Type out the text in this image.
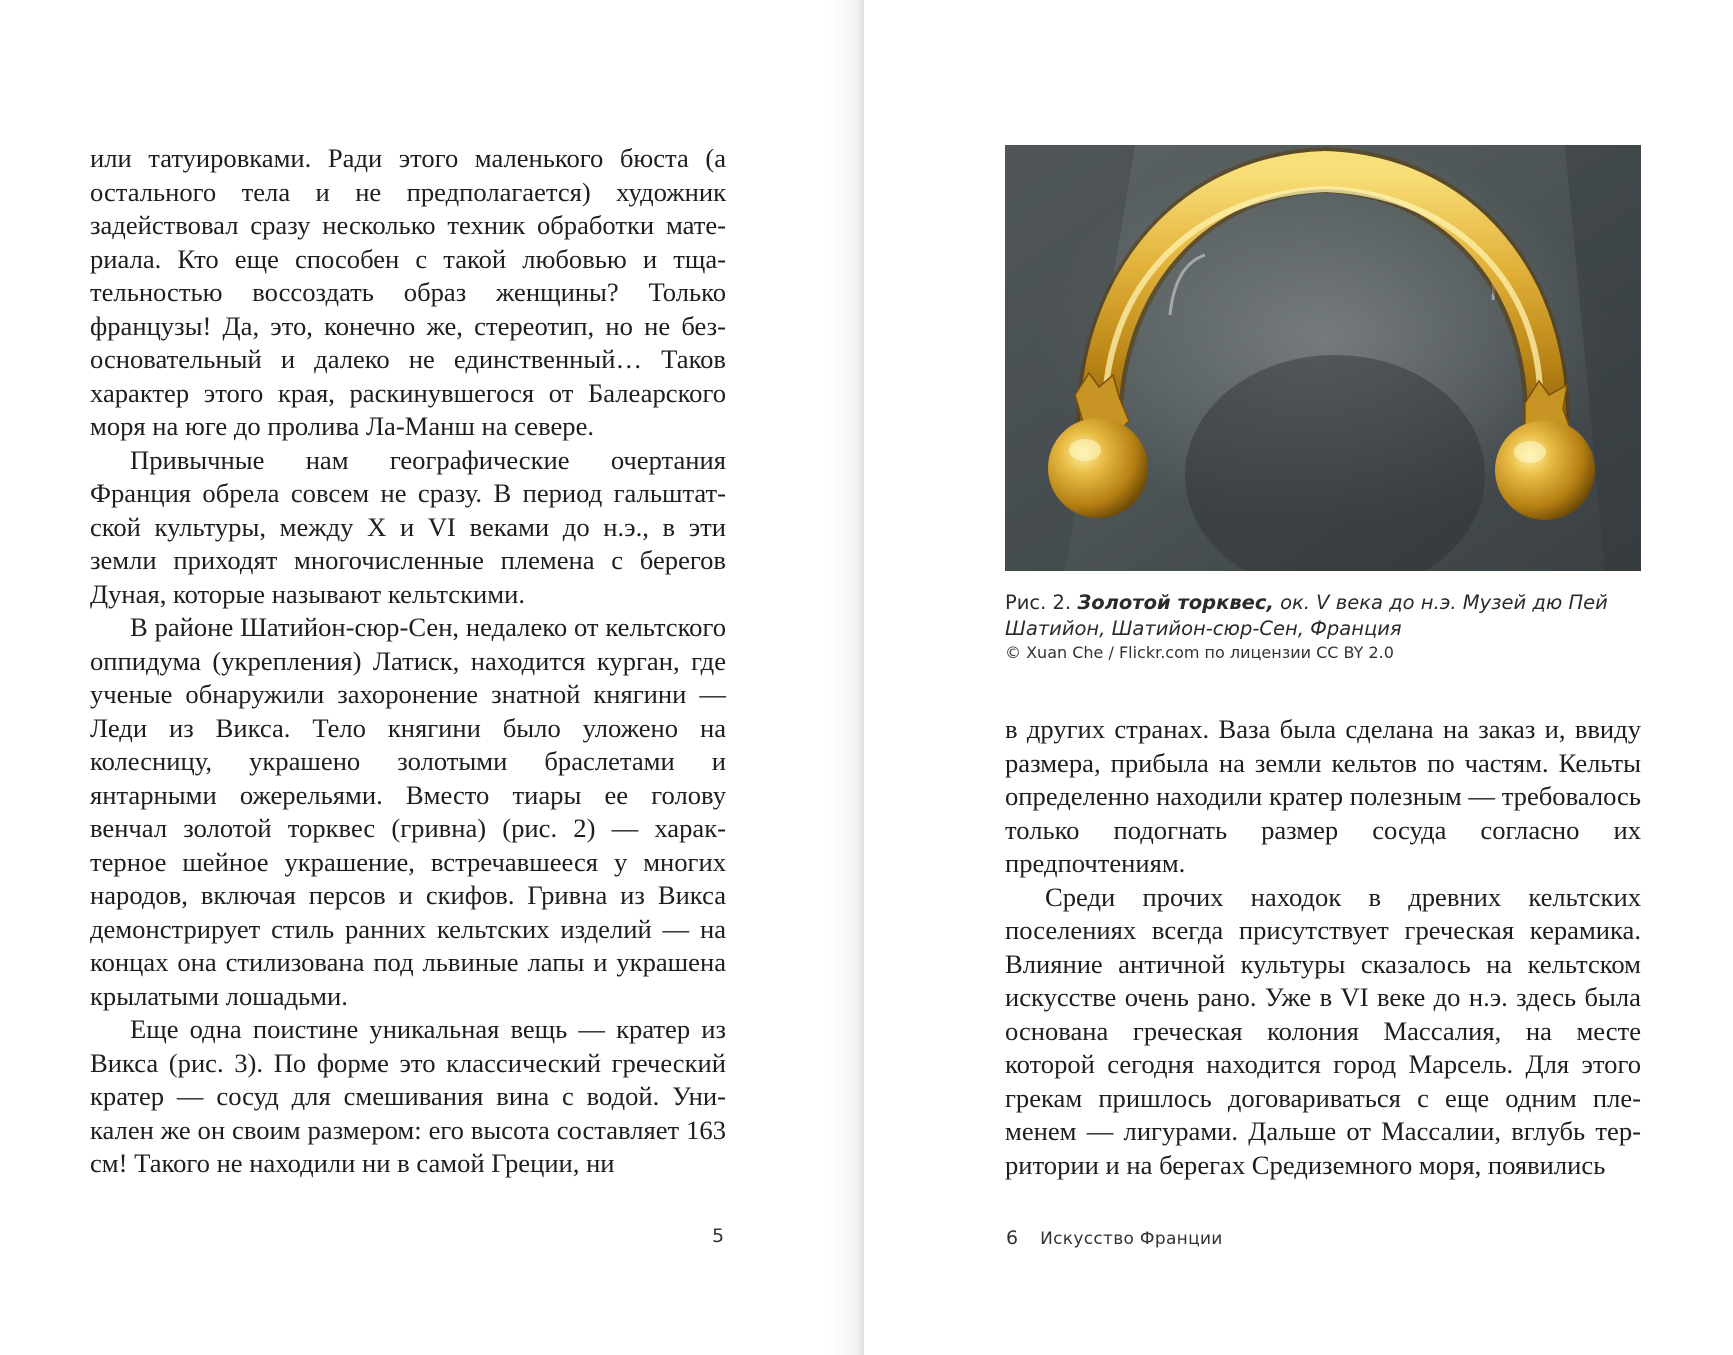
или татуировками. Ради этого маленького бюста (а остального тела и не предполагается) художник задействовал сразу несколько техник обработки материала. Кто еще способен с такой любовью и тщательностью воссоздать образ женщины? Только французы! Да, это, конечно же, стереотип, но не безосновательный и далеко не единственный… Таков характер этого края, раскинувшегося от Балеарского моря на юге до пролива Ла-Манш на севере.

Привычные нам географические очертания Франция обрела совсем не сразу. В период гальштатской культуры, между X и VI веками до н.э., в эти земли приходят многочисленные племена с берегов Дуная, которые называют кельтскими.

В районе Шатийон-сюр-Сен, недалеко от кельтского оппидума (укрепления) Латиск, находится курган, где ученые обнаружили захоронение знатной княгини — Леди из Викса. Тело княгини было уложено на колесницу, украшено золотыми браслетами и янтарными ожерельями. Вместо тиары ее голову венчал золотой торквес (гривна) (рис. 2) — характерное шейное украшение, встречавшееся у многих народов, включая персов и скифов. Гривна из Викса демонстрирует стиль ранних кельтских изделий — на концах она стилизована под львиные лапы и украшена крылатыми лошадьми.

Еще одна поистине уникальная вещь — кратер из Викса (рис. 3). По форме это классический греческий кратер — сосуд для смешивания вина с водой. Уникален же он своим размером: его высота составляет 163 см! Такого не находили ни в самой Греции, ни

5
Рис. 2. Золотой торквес, ок. V века до н.э. Музей дю Пей Шатийон, Шатийон-сюр-Сен, Франция
© Xuan Che / Flickr.com по лицензии CC BY 2.0

в других странах. Ваза была сделана на заказ и, ввиду размера, прибыла на земли кельтов по частям. Кельты определенно находили кратер полезным — требовалось только подогнать размер сосуда согласно их предпочтениям.

Среди прочих находок в древних кельтских поселениях всегда присутствует греческая керамика. Влияние античной культуры сказалось на кельтском искусстве очень рано. Уже в VI веке до н.э. здесь была основана греческая колония Массалия, на месте которой сегодня находится город Марсель. Для этого грекам пришлось договариваться с еще одним племенем — лигурами. Дальше от Массалии, вглубь территории и на берегах Средиземного моря, появились

6 Искусство Франции
